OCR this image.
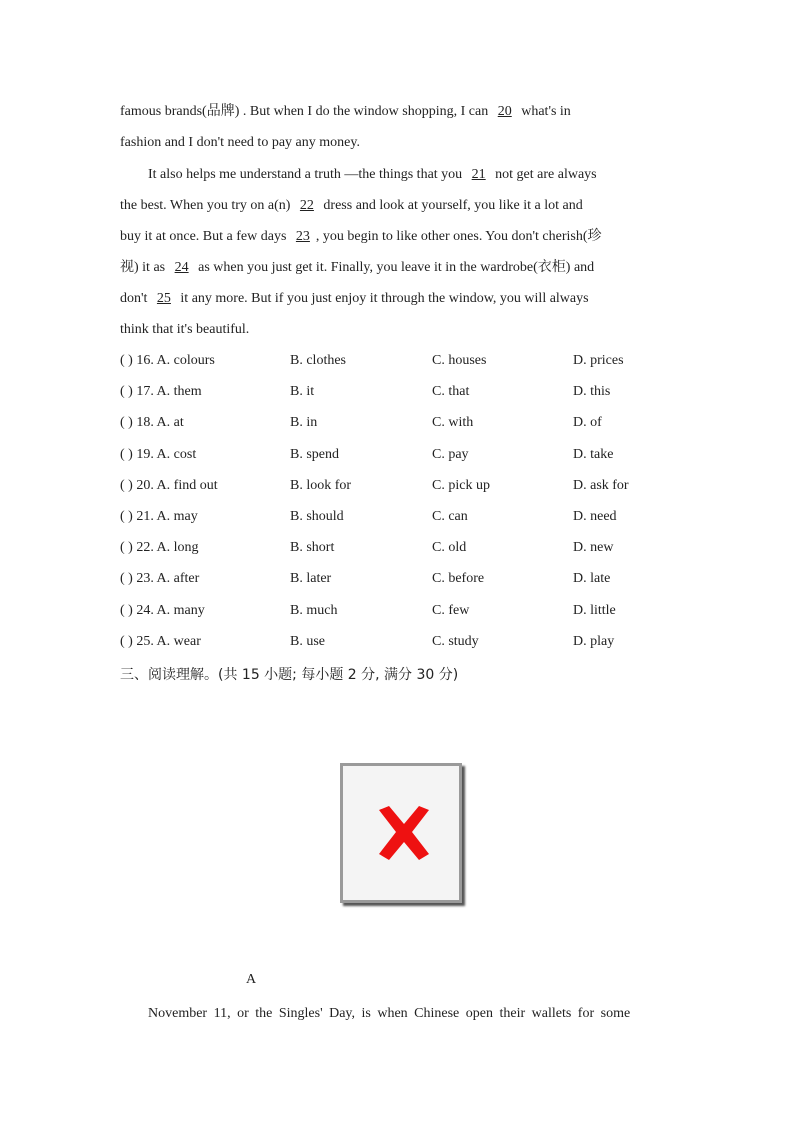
famous brands(品牌) . But when I do the window shopping, I can 20 what's in
fashion and I don't need to pay any money.
It also helps me understand a truth —the things that you 21 not get are always
the best. When you try on a(n) 22 dress and look at yourself, you like it a lot and
buy it at once. But a few days 23 , you begin to like other ones. You don't cherish(珍
视) it as 24 as when you just get it. Finally, you leave it in the wardrobe(衣柜) and
don't 25 it any more. But if you just enjoy it through the window, you will always
think that it's beautiful.
( ) 16. A. colours	B. clothes	C. houses	D. prices
( ) 17. A. them	B. it	C. that	D. this
( ) 18. A. at	B. in	C. with	D. of
( ) 19. A. cost	B. spend	C. pay	D. take
( ) 20. A. find out	B. look for	C. pick up	D. ask for
( ) 21. A. may	B. should	C. can	D. need
( ) 22. A. long	B. short	C. old	D. new
( ) 23. A. after	B. later	C. before	D. late
( ) 24. A. many	B. much	C. few	D. little
( ) 25. A. wear	B. use	C. study	D. play
三、阅读理解。(共 15 小题; 每小题 2 分, 满分 30 分)
A
November 11, or the Singles' Day, is when Chinese open their wallets for some
